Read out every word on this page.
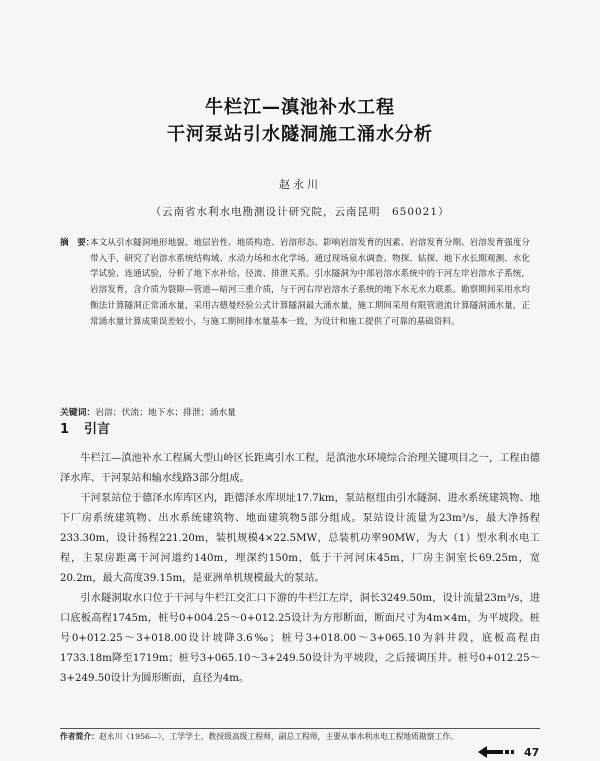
牛栏江—滇池补水工程
干河泵站引水隧洞施工涌水分析
赵永川
（云南省水利水电勘测设计研究院，云南昆明　650021）
摘　要：
本文从引水隧洞地形地貌、地层岩性、地质构造、岩溶形态、影响岩溶发育的因素、岩溶发育分期、岩溶发育强度分带入手，研究了岩溶水系统结构域、水动力场和水化学场。通过现场泉水调查、物探、钻探、地下水长期观测、水化学试验、连通试验，分析了地下水补给、径流、排泄关系。引水隧洞为中部岩溶水系统中的干河左岸岩溶水子系统，岩溶发育，含介质为裂隙—管道—暗河三重介质，与干河右岸岩溶水子系统的地下水无水力联系。勘察期间采用水均衡法计算隧洞正常涌水量，采用古德曼经验公式计算隧洞最大涌水量，施工期间采用有限管道流计算隧洞涌水量，正常涌水量计算成果误差较小，与施工期间排水量基本一致，为设计和施工提供了可靠的基础资料。
关键词：岩溶；伏流；地下水；排泄；涌水量
1 引言
牛栏江—滇池补水工程属大型山岭区长距离引水工程，是滇池水环境综合治理关键项目之一，工程由德泽水库、干河泵站和输水线路3部分组成。
干河泵站位于德泽水库库区内，距德泽水库坝址17.7km，泵站枢纽由引水隧洞、进水系统建筑物、地下厂房系统建筑物、出水系统建筑物、地面建筑物5部分组成。泵站设计流量为23m³/s，最大净扬程233.30m，设计扬程221.20m，装机规模4×22.5MW，总装机功率90MW，为大（1）型水利水电工程，主泵房距离干河河道约140m，埋深约150m，低于干河河床45m，厂房主洞室长69.25m，宽20.2m，最大高度39.15m，是亚洲单机规模最大的泵站。
引水隧洞取水口位于干河与牛栏江交汇口下游的牛栏江左岸，洞长3249.50m，设计流量23m³/s，进口底板高程1745m，桩号0+004.25～0+012.25设计为方形断面，断面尺寸为4m×4m，为平坡段。桩号0+012.25～3+018.00设计坡降3.6‰；桩号3+018.00～3+065.10为斜井段，底板高程由1733.18m降至1719m；桩号3+065.10～3+249.50设计为平坡段，之后接调压井。桩号0+012.25～3+249.50设计为圆形断面，直径为4m。
作者简介：赵永川（1956—），工学学士，教授级高级工程师，副总工程师，主要从事水利水电工程地质勘察工作。
47
